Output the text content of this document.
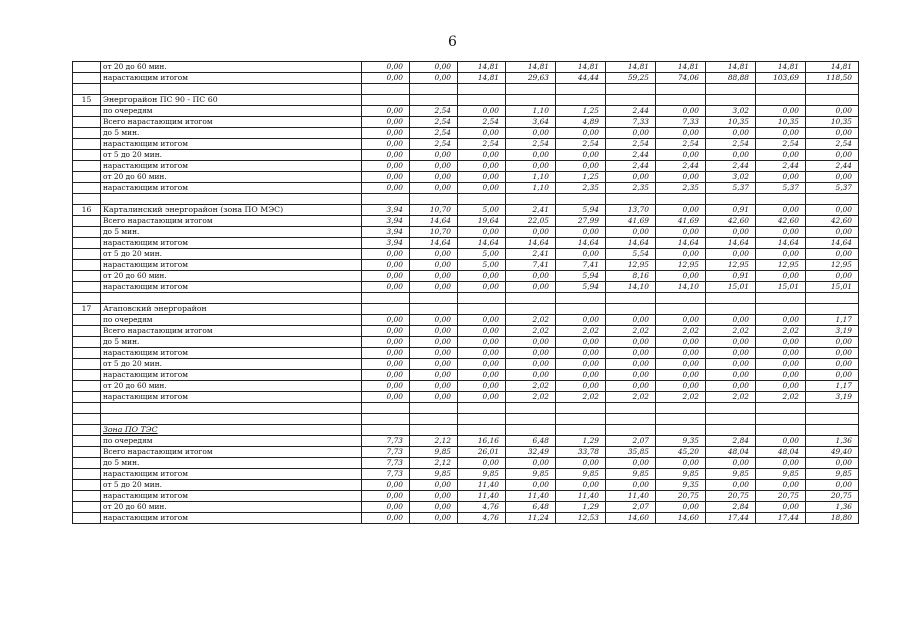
6
	от 20 до 60 мин.	0,00	0,00	14,81	14,81	14,81	14,81	14,81	14,81	14,81	14,81
	нарастающим итогом	0,00	0,00	14,81	29,63	44,44	59,25	74,06	88,88	103,69	118,50

15	Энергорайон ПС 90 - ПС 60										
	по очередям	0,00	2,54	0,00	1,10	1,25	2,44	0,00	3,02	0,00	0,00
	Всего нарастающим итогом	0,00	2,54	2,54	3,64	4,89	7,33	7,33	10,35	10,35	10,35
	до 5 мин.	0,00	2,54	0,00	0,00	0,00	0,00	0,00	0,00	0,00	0,00
	нарастающим итогом	0,00	2,54	2,54	2,54	2,54	2,54	2,54	2,54	2,54	2,54
	от 5 до 20 мин.	0,00	0,00	0,00	0,00	0,00	2,44	0,00	0,00	0,00	0,00
	нарастающим итогом	0,00	0,00	0,00	0,00	0,00	2,44	2,44	2,44	2,44	2,44
	от 20 до 60 мин.	0,00	0,00	0,00	1,10	1,25	0,00	0,00	3,02	0,00	0,00
	нарастающим итогом	0,00	0,00	0,00	1,10	2,35	2,35	2,35	5,37	5,37	5,37

16	Карталинский энергорайон (зона ПО МЭС)	3,94	10,70	5,00	2,41	5,94	13,70	0,00	0,91	0,00	0,00
	Всего нарастающим итогом	3,94	14,64	19,64	22,05	27,99	41,69	41,69	42,60	42,60	42,60
	до 5 мин.	3,94	10,70	0,00	0,00	0,00	0,00	0,00	0,00	0,00	0,00
	нарастающим итогом	3,94	14,64	14,64	14,64	14,64	14,64	14,64	14,64	14,64	14,64
	от 5 до 20 мин.	0,00	0,00	5,00	2,41	0,00	5,54	0,00	0,00	0,00	0,00
	нарастающим итогом	0,00	0,00	5,00	7,41	7,41	12,95	12,95	12,95	12,95	12,95
	от 20 до 60 мин.	0,00	0,00	0,00	0,00	5,94	8,16	0,00	0,91	0,00	0,00
	нарастающим итогом	0,00	0,00	0,00	0,00	5,94	14,10	14,10	15,01	15,01	15,01

17	Агаповский энергорайон										
	по очередям	0,00	0,00	0,00	2,02	0,00	0,00	0,00	0,00	0,00	1,17
	Всего нарастающим итогом	0,00	0,00	0,00	2,02	2,02	2,02	2,02	2,02	2,02	3,19
	до 5 мин.	0,00	0,00	0,00	0,00	0,00	0,00	0,00	0,00	0,00	0,00
	нарастающим итогом	0,00	0,00	0,00	0,00	0,00	0,00	0,00	0,00	0,00	0,00
	от 5 до 20 мин.	0,00	0,00	0,00	0,00	0,00	0,00	0,00	0,00	0,00	0,00
	нарастающим итогом	0,00	0,00	0,00	0,00	0,00	0,00	0,00	0,00	0,00	0,00
	от 20 до 60 мин.	0,00	0,00	0,00	2,02	0,00	0,00	0,00	0,00	0,00	1,17
	нарастающим итогом	0,00	0,00	0,00	2,02	2,02	2,02	2,02	2,02	2,02	3,19

	Зона ПО ТЭС										
	по очередям	7,73	2,12	16,16	6,48	1,29	2,07	9,35	2,84	0,00	1,36
	Всего нарастающим итогом	7,73	9,85	26,01	32,49	33,78	35,85	45,20	48,04	48,04	49,40
	до 5 мин.	7,73	2,12	0,00	0,00	0,00	0,00	0,00	0,00	0,00	0,00
	нарастающим итогом	7,73	9,85	9,85	9,85	9,85	9,85	9,85	9,85	9,85	9,85
	от 5 до 20 мин.	0,00	0,00	11,40	0,00	0,00	0,00	9,35	0,00	0,00	0,00
	нарастающим итогом	0,00	0,00	11,40	11,40	11,40	11,40	20,75	20,75	20,75	20,75
	от 20 до 60 мин.	0,00	0,00	4,76	6,48	1,29	2,07	0,00	2,84	0,00	1,36
	нарастающим итогом	0,00	0,00	4,76	11,24	12,53	14,60	14,60	17,44	17,44	18,80
